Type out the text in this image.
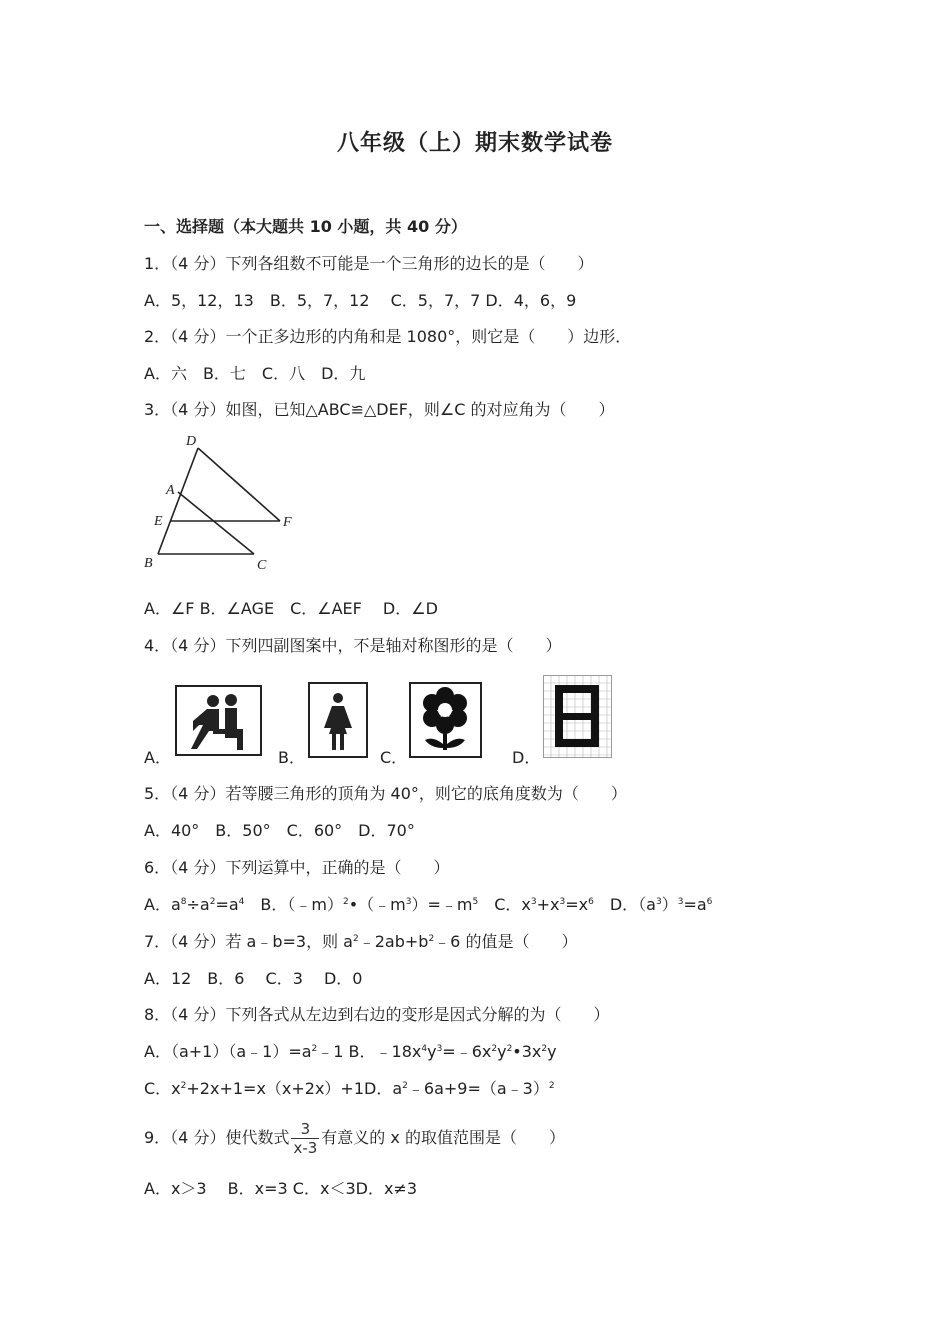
八年级（上）期末数学试卷
一、选择题（本大题共 10 小题，共 40 分）
1．（4 分）下列各组数不可能是一个三角形的边长的是（　　）
A．5，12，13　B．5，7，12　 C．5，7，7 D．4，6，9
2．（4 分）一个正多边形的内角和是 1080°，则它是（　　）边形．
A．六　B．七　C．八　D．九
3．（4 分）如图，已知△ABC≌△DEF，则∠C 的对应角为（　　）
D
A
E	F
B	C
A．∠F B．∠AGE　C．∠AEF　 D．∠D
4．（4 分）下列四副图案中，不是轴对称图形的是（　　）
A．	B．	C．	D．
5．（4 分）若等腰三角形的顶角为 40°，则它的底角度数为（　　）
A．40°　B．50°　C．60°　D．70°
6．（4 分）下列运算中，正确的是（　　）
A．$a^8\div a^2=a^4$　B．$(﹣m)^2•(﹣m^3)=﹣m^5$　C．$x^3+x^3=x^6$　D．$(a^3)^3=a^6$
7．（4 分）若 a﹣b=3，则 $a^2﹣2ab+b^2﹣6$ 的值是（　　）
A．12　B．6　 C．3　 D．0
8．（4 分）下列各式从左边到右边的变形是因式分解的为（　　）
A．$(a+1)(a﹣1)=a^2﹣1$ B．$﹣18x^4y^3=﹣6x^2y^2•3x^2y$
C．$x^2+2x+1=x(x+2x)+1D$．$a^2﹣6a+9=(a﹣3)^2$
9．（4 分）使代数式 $\frac{3}{x-3}$ 有意义的 x 的取值范围是（　　）
A．x＞3　 B．x=3 C．x＜3D．x≠3
